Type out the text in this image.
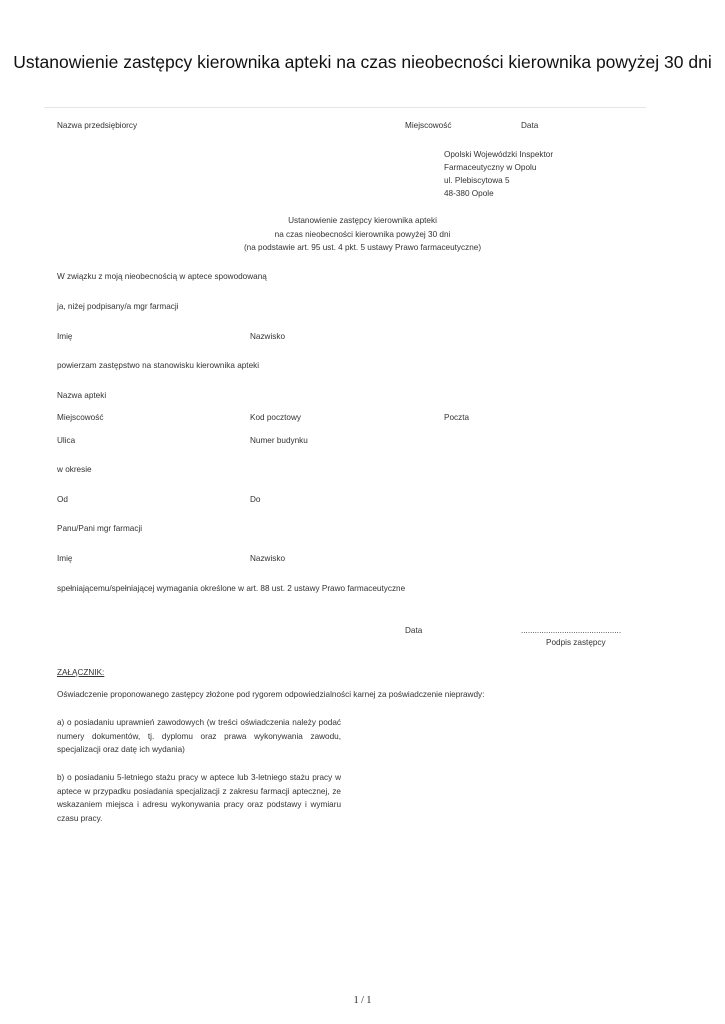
Ustanowienie zastępcy kierownika apteki na czas nieobecności kierownika powyżej 30 dni
Nazwa przedsiębiorcy	Miejscowość	Data
Opolski Wojewódzki Inspektor
Farmaceutyczny w Opolu
ul. Plebiscytowa 5
48-380 Opole
Ustanowienie zastępcy kierownika apteki
na czas nieobecności kierownika powyżej 30 dni
(na podstawie art. 95 ust. 4 pkt. 5 ustawy Prawo farmaceutyczne)
W związku z moją nieobecnością w aptece spowodowaną
ja, niżej podpisany/a mgr farmacji
Imię	Nazwisko
powierzam zastępstwo na stanowisku kierownika apteki
Nazwa apteki
Miejscowość	Kod pocztowy	Poczta
Ulica	Numer budynku
w okresie
Od	Do
Panu/Pani mgr farmacji
Imię	Nazwisko
spełniającemu/spełniającej wymagania określone w art. 88 ust. 2 ustawy Prawo farmaceutyczne
Data	............................................
Podpis zastępcy
ZAŁĄCZNIK:
Oświadczenie proponowanego zastępcy złożone pod rygorem odpowiedzialności karnej za poświadczenie nieprawdy:
a) o posiadaniu uprawnień zawodowych (w treści oświadczenia należy podać numery dokumentów, tj. dyplomu oraz prawa wykonywania zawodu, specjalizacji oraz datę ich wydania)
b) o posiadaniu 5-letniego stażu pracy w aptece lub 3-letniego stażu pracy w aptece w przypadku posiadania specjalizacji z zakresu farmacji aptecznej, ze wskazaniem miejsca i adresu wykonywania pracy oraz podstawy i wymiaru czasu pracy.
1 / 1
